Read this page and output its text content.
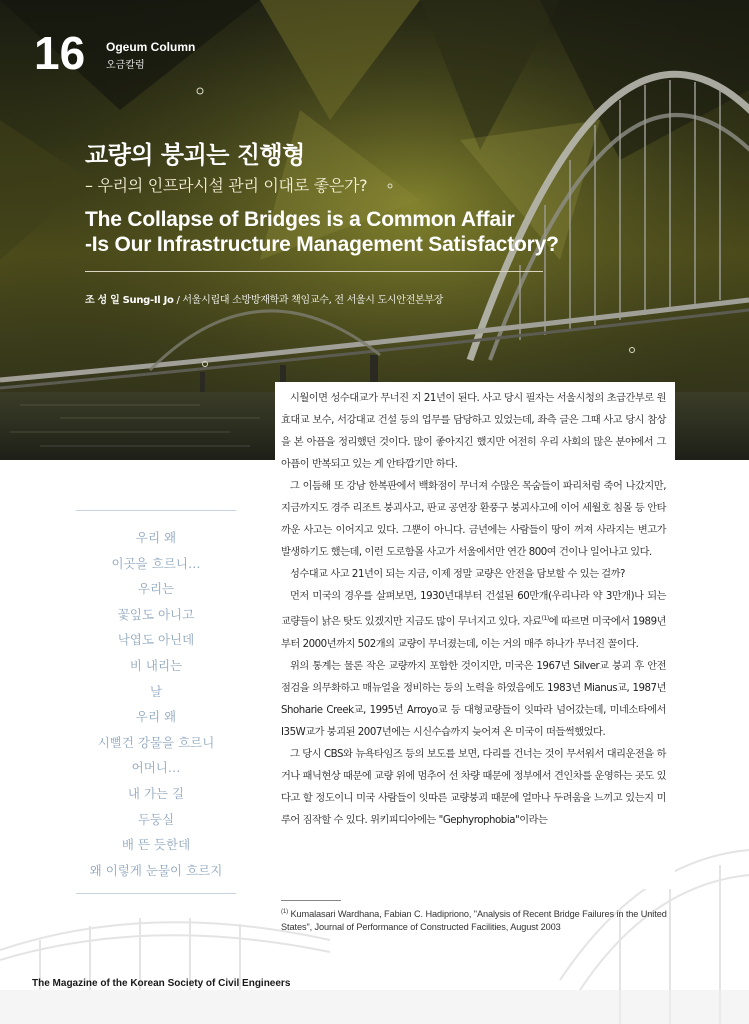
16 Ogeum Column
오금칼럼
교량의 붕괴는 진행형
– 우리의 인프라시설 관리 이대로 좋은가?
The Collapse of Bridges is a Common Affair
-Is Our Infrastructure Management Satisfactory?
조 성 일 Sung-Il Jo / 서울시립대 소방방재학과 책임교수, 전 서울시 도시안전본부장
우리 왜
이곳을 흐르니…
우리는
꽃잎도 아니고
낙엽도 아닌데
비 내리는
날
우리 왜
시뻘건 강물을 흐르니
어머니…
내 가는 길
두둥실
배 뜬 듯한데
왜 이렇게 눈물이 흐르지

시월이면 성수대교가 무너진 지 21년이 된다. 사고 당시 필자는 서울시청의 초급간부로 원효대교 보수, 서강대교 건설 등의 업무를 담당하고 있었는데, 좌측 글은 그때 사고 당시 참상을 본 아픔을 정리했던 것이다. 많이 좋아지긴 했지만 어전히 우리 사회의 많은 분야에서 그 아픔이 반복되고 있는 게 안타깝기만 하다.

그 이듬해 또 강남 한복판에서 백화점이 무너져 수많은 목숨들이 파리처럼 죽어 나갔지만, 지금까지도 경주 리조트 붕괴사고, 판교 공연장 환풍구 붕괴사고에 이어 세월호 침몰 등 안타까운 사고는 이어지고 있다. 그뿐이 아니다. 금년에는 사람들이 땅이 꺼져 사라지는 변고가 발생하기도 했는데, 이런 도로함몰 사고가 서울에서만 연간 800여 건이나 일어나고 있다.

성수대교 사고 21년이 되는 지금, 이제 정말 교량은 안전을 담보할 수 있는 걸까?

먼저 미국의 경우를 살펴보면, 1930년대부터 건설된 60만개(우리나라 약 3만개)나 되는 교량들이 낡은 탓도 있겠지만 지금도 많이 무너지고 있다. 자료$^{(1)}$에 따르면 미국에서 1989년부터 2000년까지 502개의 교량이 무너졌는데, 이는 거의 매주 하나가 무너진 꼴이다.

위의 통계는 물론 작은 교량까지 포함한 것이지만, 미국은 1967년 Silver교 붕괴 후 안전점검을 의무화하고 매뉴얼을 정비하는 등의 노력을 하였음에도 1983년 Mianus교, 1987년 Shoharie Creek교, 1995년 Arroyo교 등 대형교량들이 잇따라 넘어갔는데, 미네소타에서 I35W교가 붕괴된 2007년에는 시신수습까지 늦어져 온 미국이 떠들썩했었다.

그 당시 CBS와 뉴욕타임즈 등의 보도를 보면, 다리를 건너는 것이 무서워서 대리운전을 하거나 패닉현상 때문에 교량 위에 멈추어 선 차량 때문에 정부에서 견인차를 운영하는 곳도 있다고 할 정도이니 미국 사람들이 잇따른 교량붕괴 때문에 얼마나 두려움을 느끼고 있는지 미루어 짐작할 수 있다. 위키피디아에는 "Gephyrophobia"이라는

$^{(1)}$ Kumalasari Wardhana, Fabian C. Hadipriono, "Analysis of Recent Bridge Failures in the United States", Journal of Performance of Constructed Facilities, August 2003
The Magazine of the Korean Society of Civil Engineers
